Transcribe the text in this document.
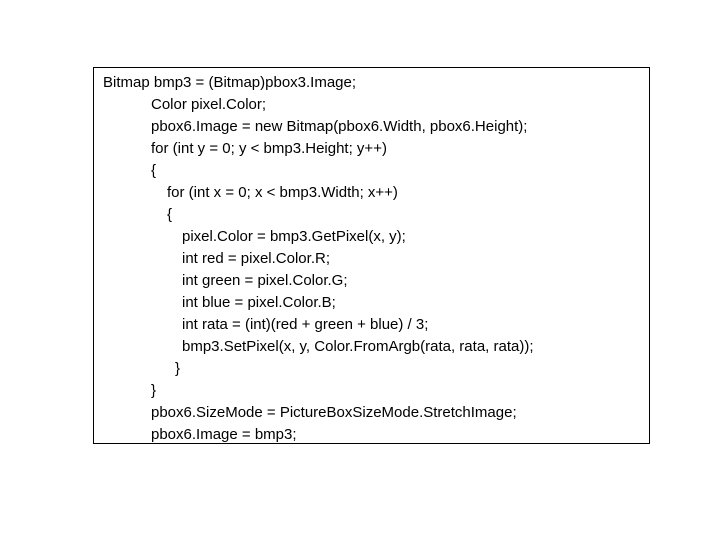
Bitmap bmp3 = (Bitmap)pbox3.Image;
Color pixel.Color;
pbox6.Image = new Bitmap(pbox6.Width, pbox6.Height);
for (int y = 0; y < bmp3.Height; y++)
{
for (int x = 0; x < bmp3.Width; x++)
{
pixel.Color = bmp3.GetPixel(x, y);
int red = pixel.Color.R;
int green = pixel.Color.G;
int blue = pixel.Color.B;
int rata = (int)(red + green + blue) / 3;
bmp3.SetPixel(x, y, Color.FromArgb(rata, rata, rata));
}
}
pbox6.SizeMode = PictureBoxSizeMode.StretchImage;
pbox6.Image = bmp3;
